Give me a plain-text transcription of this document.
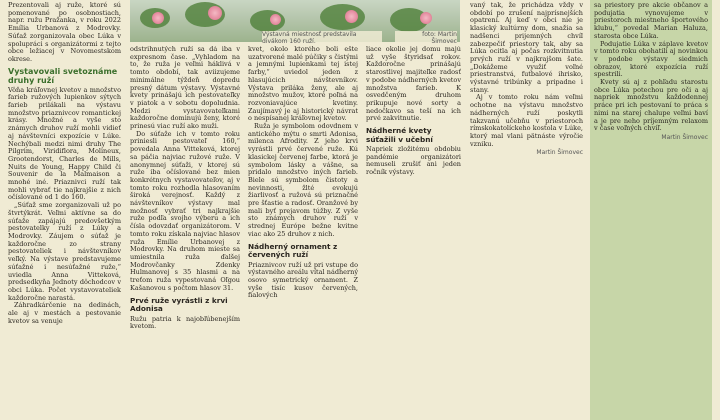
Výstavná miestnosť predstavila divákom 160 ruží.
foto: Martin Šimovec

Prezentovali aj ruže, ktoré sú pomenované po osobnostiach, napr. ružu Pražanka, v roku 2022 Emília Urbanová z Modrovky. Súťaž zorganizovala obec Lúka v spolupráci s organizátormi z tejto obce ležiacej v Novomestskom okrese.

Vystavovali svetoznáme druhy ruží

Vôňa kráľovnej kvetov a množstvo farieb ružových lupienkov sýtych farieb prilákali na výstavu množstvo priaznivcov romantickej krásy. Množné a vyše sto známych druhov ruží mohli vidieť aj návštevníci expozície v Lúke. Nechýbali medzi nimi druhy The Pilgrim, Viridiflora, Molineux, Grootendorst, Charles de Mills, Nuits de Young, Happy Child či Souvenir de la Malmaison a mnohé iné. Priaznivci ruží tak mohli vybrať tie najkrajšie z nich očíslované od 1 do 160.

„Súťaž sme zorganizovali už po štvrtýkrát. Veľmi aktívne sa do súťaže zapájajú predovšetkým pestovatelky ruží z Lúky a Modrovky. Záujem o súťaž je každoročne zo strany pestovateliek i návštevníkov veľký. Na výstave predstavujeme súťažné i nesúťažné ruže,“ uviedla Anna Vitteková, predsedkyňa Jednoty dôchodcov v obci Lúka. Počet vystavovateliek každoročne narastá.

Záhradkárčenie na dedinách, ale aj v mestách a pestovanie kvetov sa venuje

odstrihnutých ruží sa dá iba v expresnom čase. „Vyhladom na to, že ruža je veľmi háklivá v tomto období, tak aviizujeme minimálne týždeň dopredu presný dátum výstavy. Výstavné kvety prinášajú ich pestovateľky v piatok a v sobotu dopoludnia. Medzi vystavovateľkami každoročne dominujú ženy, ktoré prinesú viac ruží ako muži.

Do súťaže ich v tomto roku priniesli pestovateľ 160,“ povedala Anna Vitteková, ktorej sa páčia najviac ružové ruže. V anonymnej súťaži, v ktorej sú ruže iba očíslované bez mien konkrétnych vystavovateľov, aj v tomto roku rozhodla hlasovaním široká verejnosť. Každý z návštevníkov výstavy mal možnosť vybrať tri najkrajšie ruže podľa svojho výberu a ich čísla odovzdať organizátorom. V tomto roku získala najviac hlasov ruža Emílie Urbanovej z Modrovky. Na druhom mieste sa umiestnila ruža ďalšej Modrovčanky Zdenky Hulmanovej s 35 hlasmi a na treťom ruža vypestovaná Oľgou Kašanovou s počtom hlasov 31.

Prvé ruže vyrástli z krvi Adonisa

Ružu patria k najobľúbenejším kvetom.

kvet, okolo ktorého boli ešte uzatvorené malé púčiky s čistými a jemnými lupienkami tej istej farby,“ uviedol jeden z hlasujúcich návštevníkov. Výstava priláka ženy, ale aj množstvo mužov, ktoré poľná na rozvoniavajúce kvetiny. Zaujímavý je aj historický návrat o nespísanej kráľovnej kvetov.

Ruža je symbolom odovdnem v antického mýtu o smrti Adonisa, milenca Afrodity. Z jeho krvi vyrástli prvé červené ruže. Kú klasickej červenej farbe, ktorá je symbolom lásky a vášne, sa pridalo množstvo iných farieb. Biele sú symbolom čistoty a nevinnosti, žlté evokujú žiarlivosť a ružová sú priznačné pre šťastie a radosť. Oranžové by mali byť prejavom túžby. Z vyše sto známych druhov ruží v strednej Európe bežne kvitne viac ako 25 druhov z nich.

Nádherný ornament z červených ruží

Priaznivcov ruží už pri vstupe do výstavného areálu vítal nádherný osovo symetrický ornament. Z vyše tisíc kusov červených, fialových

liace okolie jej domu majú už vyše štyridsať rokov. Každoročne prinášajú starostlivej majiteľke radosť v podobe nádherných kvetov množstva farieb. K osvedčeným druhom prikupuje nové sorty a nedočkavo sa teší na ich prvé zakvitnutie.

Nádherné kvety súťažili v učební

Napriek zložitému obdobiu pandémie organizátori nemuseli zrušiť ani jeden ročník výstavy.

vaný tak, že prichádza vždy v období po zrušení najprísnejších opatrení. Aj keď v obci nie je klasický kultúrny dom, snažia sa nadšenci prijemných chvíľ zabezpečiť priestory tak, aby sa Lúka ocitla aj počas rozkvitnutia prvých ruží v najkrajšom šate. „Dokážeme využiť voľné priestranstvá, futbalové ihrisko, výstavné tribúnky a pripadne i stany.

Aj v tomto roku nám veľmi ochotne na výstavu množstvo nádherných ruží poskytli takzvanú učebňu v priestoroch rímskokatolíckeho kostola v Lúke, ktorý mal vlani pätnáste výročie vzniku.

Martin Šimovec

sa priestory pre akcie občanov a podujatia vynovujeme v priestoroch miestneho športového klubu,“ povedal Marian Haluza, starosta obce Lúka.

Podujatie Lúka v záplave kvetov v tomto roku obohatili aj novinkou v podobe výstavy siedmich obrazov, ktoré expozícia ruží spestrili.

Kvety sú aj z pohľadu starostu obce Lúka potechou pre oči a aj napriek množstvu každodennej práce pri ich pestovaní to práca s nimi na starej chalupe veľmi baví a je pre neho príjemným relaxom v čase voľných chvíľ.

Martin Šimovec
